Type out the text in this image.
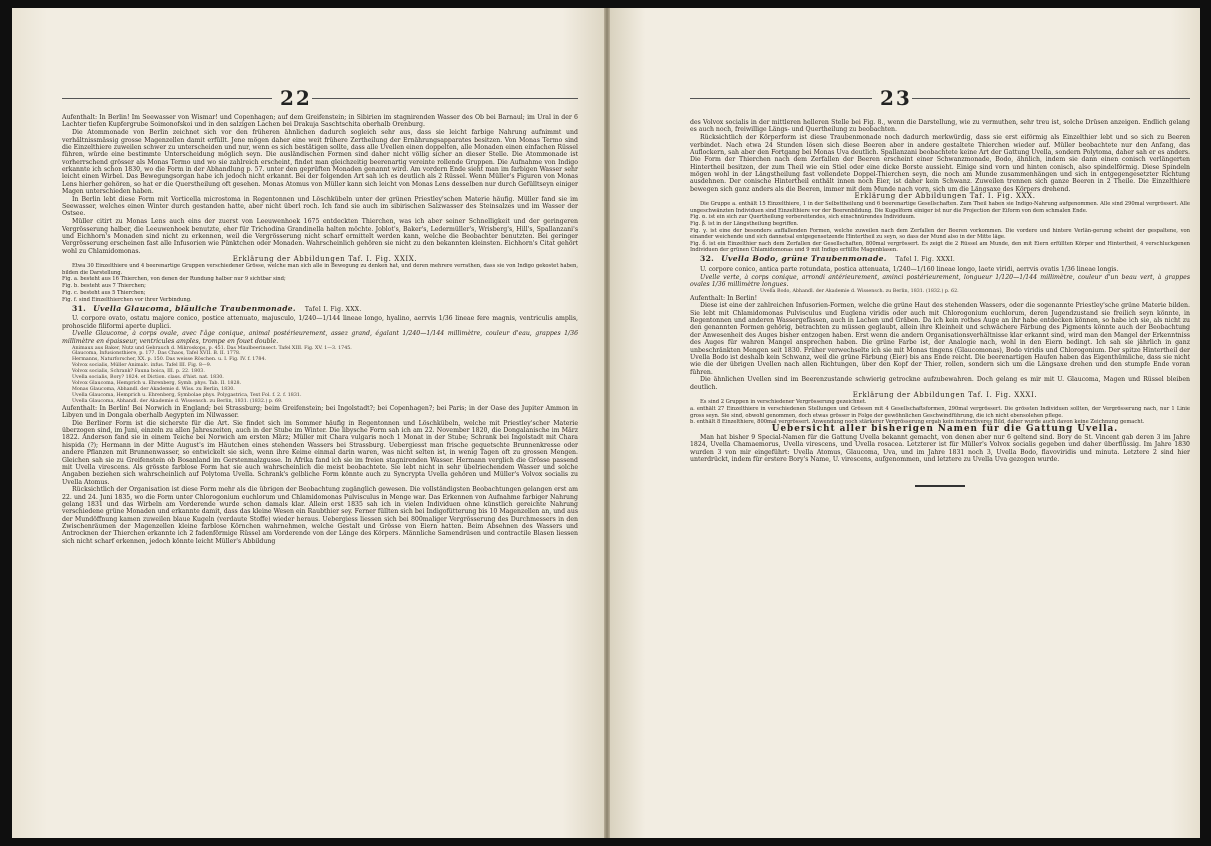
22

Aufenthalt: In Berlin! Im Seewasser von Wismar! und Copenhagen; auf dem Greifenstein; in Sibirien im stagnirenden Wasser des Ob bei Barnaul; im Ural in der 6 Lachter tiefen Kupfergrube Soimonofskoi und in den salzigen Lachen bei Drakuja Saschtschita oberhalb Orenburg.

Die Atommonade von Berlin zeichnet sich vor den früheren ähnlichen dadurch sogleich sehr aus, dass sie leicht farbige Nahrung aufnimmt und verhältnissmässig grosse Magenzellen damit erfüllt. Jene mögen daher eine weit frühere Zertheilung der Ernährungsapparates besitzen. Von Monas Termo sind die Einzelthiere zuweilen schwer zu unterscheiden und nur, wenn es sich bestätigen sollte, dass alle Uvellen einen doppelten, alle Monaden einen einfachen Rüssel führen, würde eine bestimmte Unterscheidung möglich seyn. Die ausländischen Formen sind daher nicht völlig sicher an dieser Stelle. Die Atommonade ist vorherrschend grösser als Monas Termo und wo sie zahlreich erscheint, findet man gleichzeitig beerenartig vereinte rollende Gruppen. Die Aufnahme von Indigo erkannte ich schon 1830, wo die Form in der Abhandlung p. 57. unter den geprüften Monaden genannt wird. Am vordern Ende sieht man im farbigen Wasser sehr leicht einen Wirbel. Das Bewegungsorgan habe ich jedoch nicht erkannt. Bei der folgenden Art sah ich es deutlich als 2 Rüssel. Wenn Müller's Figuren von Monas Lens hierher gehören, so hat er die Querstheilung oft gesehen. Monas Atomus von Müller kann sich leicht von Monas Lens desselben nur durch Gefülltseyn einiger Magen unterschieden haben.

In Berlin lebt diese Form mit Vorticella microstoma in Regentonnen und Löschkübeln unter der grünen Priestley'schen Materie häufig. Müller fand sie im Seewasser, welches einen Winter durch gestanden hatte, aber nicht überl roch. Ich fand sie auch im sibirischen Salzwasser des Steinsalzes und im Wasser der Ostsee.

Müller citirt zu Monas Lens auch eins der zuerst von Leeuwenhoek 1675 entdeckten Thierchen, was ich aber seiner Schnelligkeit und der geringeren Vergrösserung halber, die Leeuwenhoek benutzte, eher für Trichodina Grandinella halten möchte. Joblot's, Baker's, Ledermüller's, Wrisberg's, Hill's, Spallanzani's und Eichhorn's Monaden sind nicht zu erkennen, weil die Vergrösserung nicht scharf ermittelt werden kann, welche die Beobachter benutzten. Bei geringer Vergrösserung erscheinen fast alle Infusorien wie Pünktchen oder Monaden. Wahrscheinlich gehören sie nicht zu den bekannten kleinsten. Eichhorn's Citat gehört wohl zu Chlamidomonas.

Erklärung der Abbildungen Taf. I. Fig. XXIX.

Etwa 30 Einzelthiere und 4 beerenartige Gruppen verschiedener Grösse, welche man sich alle in Bewegung zu denken hat, und deren mehrere verrathen, dass sie von Indigo gekostet haben, bilden die Darstellung.

Fig. a. besteht aus 16 Thierchen, von denen der Rundung halber nur 9 sichtbar sind;

Fig. b. besteht aus 7 Thierchen;

Fig. c. besteht aus 5 Thierchen;

Fig. f. sind Einzelthierchen vor ihrer Verbindung.

31. Uvella Glaucoma, bläuliche Traubenmonade. Tafel I. Fig. XXX.

U. corpore ovato, ostatu majore conico, postice attenuato, majusculo, 1/240—1/144 lineae longo, hyalino, aerrvis 1/36 lineae fere magnis, ventriculis amplis, prohoscide filiformi aperte duplici.

Uvelle Glaucome, à corps ovale, avec l'âge conique, animal postérieurement, assez grand, égalant 1/240—1/144 millimètre, couleur d'eau, grappes 1/36 millimètre en épaisseur, ventricules amples, trompe en fouet double.

Animaux aus Baker, Nutz und Gebrauch d. Mikroskops, p. 451. Das Maulbeerinsect. Tafel XIII. Fig. XV. 1—3. 1745.

Glaucoma, Infusionsthiere, p. 177. Das Chaos, Tafel XVII. B. II. 1778.

Hermanns, Naturforscher, XX. p. 150. Das weisse Röschen. u. I. Fig. IV. f. 1784.

Volvox socialis, Müller Animalc. infus. Tafel III. Fig. 8—9.

Volvox socialis, Schrank? Fauna boica, III. p. 22. 1803.

Uvella socialis, Bory? 1824. et Diction. class. d'hist. nat. 1830.

Volvox Glaucoma, Hemprich u. Ehrenberg, Symb. phys. Tab. II. 1828.

Monas Glaucoma, Abhandl. der Akademie d. Wiss. zu Berlin, 1830.

Uvella Glaucoma, Hemprich u. Ehrenberg, Symbolae phys. Polygastrica, Text Fol. f. 2. f. 1831.

Uvella Glaucoma, Abhandl. der Akademie d. Wissensch. zu Berlin, 1831. (1832.) p. 69.

Aufenthalt: In Berlin! Bei Norwich in England; bei Strassburg; beim Greifenstein; bei Ingolstadt?; bei Copenhagen?; bei Paris; in der Oase des Jupiter Ammon in Libyen und in Dongala oberhalb Aegypten im Nilwasser.

Die Berliner Form ist die sicherste für die Art. Sie findet sich im Sommer häufig in Regentonnen und Löschkübeln, welche mit Priestley'scher Materie überzogen sind, im Juni, einzeln zu allen Jahreszeiten, auch in der Stube im Winter. Die libysche Form sah ich am 22. November 1820, die Dongalanische im März 1822. Anderson fand sie in einem Teiche bei Norwich am ersten März; Müller mit Chara vulgaris noch 1 Monat in der Stube; Schrank bei Ingolstadt mit Chara hispida (?); Hermann in der Mitte August's im Häutchen eines stehenden Wassers bei Strassburg. Uebergiesst man frische gequetschte Brunnenkresse oder andere Pflanzen mit Brunnenwasser, so entwickelt sie sich, wenn ihre Keime einmal darin waren, was nicht selten ist, in wenig Tagen oft zu grossen Mengen. Gleichen sah sie zu Greifenstein ob Bosanland im Gerstenmalzgusse. In Afrika fand ich sie im freien stagnirenden Wasser. Hermann verglich die Grösse passend mit Uvella virescens. Als grösste farblose Form hat sie auch wahrscheinlich die meist beobachtete. Sie lebt nicht in sehr übelriechendem Wasser und solche Angaben beziehen sich wahrscheinlich auf Polytoma Uvella. Schrank's gelbliche Form könnte auch zu Syncrypta Uvella gehören und Müller's Volvox socialis zu Uvella Atomus.

Rücksichtlich der Organisation ist diese Form mehr als die übrigen der Beobachtung zugänglich gewesen. Die vollständigsten Beobachtungen gelangen erst am 22. und 24. Juni 1835, wo die Form unter Chlorogonium euchlorum und Chlamidomonas Pulvisculus in Menge war. Das Erkennen von Aufnahme farbiger Nahrung gelang 1831 und das Wirbeln am Vorderende wurde schon damals klar. Allein erst 1835 sah ich in vielen Individuen ohne künstlich gereichte Nahrung verschiedene grüne Monaden und erkannte damit, dass das kleine Wesen ein Raubthier sey. Ferner füllten sich bei Indigofütterung bis 10 Magenzellen an, und aus der Mundöffnung kamen zuweilen blaue Kugeln (verdaute Stoffe) wieder heraus. Uebergiess liessen sich bei 800maliger Vergrösserung des Durchmessers in den Zwischenräumen der Magenzellen kleine farblose Körnchen wahrnehmen, welche Gestalt und Grösse von Eiern hatten. Beim Absehnen des Wassers und Antrocknen der Thierchen erkannte ich 2 fadenförmige Rüssel am Vorderende von der Länge des Körpers. Männliche Samendrüsen und contractile Blasen liessen sich nicht scharf erkennen, jedoch könnte leicht Müller's Abbildung

23

des Volvox socialis in der mittleren helleren Stelle bei Fig. 8., wenn die Darstellung, wie zu vermuthen, sehr treu ist, solche Drüsen anzeigen. Endlich gelang es auch noch, freiwillige Längs- und Quertheilung zu beobachten.

Rücksichtlich der Körperform ist diese Traubenmonade noch dadurch merkwürdig, dass sie erst eiförmig als Einzelthier lebt und so sich zu Beeren verbindet. Nach etwa 24 Stunden lösen sich diese Beeren aber in andere gestaltete Thierchen wieder auf. Müller beobachtete nur den Anfang, das Auflockern, sah aber den Fortgang bei Monas Uva deutlich. Spallanzani beobachtete keine Art der Gattung Uvella, sondern Polytoma, daher sah er es anders. Die Form der Thierchen nach dem Zerfallen der Beeren erscheint einer Schwanzmonade, Bodo, ähnlich, indem sie dann einen conisch verlängerten Hintertheil besitzen, der zum Theil wie ein Stiel oder eine dicke Borste aussieht. Einige sind vorn und hinten conisch, also spindelförmig. Diese Spindeln mögen wohl in der Längstheilung fast vollendete Doppel-Thierchen seyn, die noch am Munde zusammenhängen und sich in entgegengesetzter Richtung ausdehnen. Der conische Hintertheil enthält innen noch Eier, ist daher kein Schwanz. Zuweilen trennen sich ganze Beeren in 2 Theile. Die Einzelthiere bewegen sich ganz anders als die Beeren, immer mit dem Munde nach vorn, sich um die Längsaxe des Körpers drehend.

Erklärung der Abbildungen Taf. I. Fig. XXX.

Die Gruppe a. enthält 15 Einzelthiere, 1 in der Selbsttheilung und 6 beerenartige Gesellschaften. Zum Theil haben sie Indigo-Nahrung aufgenommen. Alle sind 290mal vergrössert. Alle ungeschwänzten Individuen sind Einzelthiere vor der Beerenbildung. Die Kugelform einiger ist nur die Projection der Eiform von dem schmalen Ende.

Fig. α. ist ein sich zur Quertheilung vorbereitendes, sich einschnürendes Individuum.

Fig. β. ist in der Längstheilung begriffen.

Fig. γ. ist eine der besonders auffallenden Formen, welche zuweilen nach dem Zerfallen der Beeren vorkommen. Die vordere und hintere Verlän-gerung scheint der gespaltene, von einander weichende und sich dannetsal entgegensetzende Hintertheil zu seyn, so dass der Mund also in der Mitte läge.

Fig. δ. ist ein Einzelthier nach dem Zerfallen der Gesellschaften, 800mal vergrössert. Es zeigt die 2 Rüssel am Munde, den mit Eiern erfüllten Körper und Hintertheil, 4 verschluckgenen Individuen der grünen Chlamidomonas und 9 mit Indigo erfüllte Magenblasen.

32. Uvella Bodo, grüne Traubenmonade. Tafel I. Fig. XXXI.

U. corpore conico, antica parte rotundata, postica attenuata, 1/240—1/160 lineae longo, laete viridi, aerrvis ovatis 1/36 lineae longis.

Uvelle verte, à corps conique, arrondi antérieurement, aminci postérieurement, longueur 1/120—1/144 millimètre, couleur d'un beau vert, à grappes ovales 1/36 millimètre longues.

Uvella Bodo, Abhandl. der Akademie d. Wissensch. zu Berlin, 1831. (1832.) p. 62.

Aufenthalt: In Berlin!

Diese ist eine der zahlreichen Infusorien-Formen, welche die grüne Haut des stehenden Wassers, oder die sogenannte Priestley'sche grüne Materie bilden. Sie lebt mit Chlamidomonas Pulvisculus und Euglena viridis oder auch mit Chlorogonium euchlorum, deren Jugendzustand sie freilich seyn könnte, in Regentonnen und anderen Wassergefässen, auch in Lachen und Gräben. Da ich kein rothes Auge an ihr habe entdecken können, so habe ich sie, als nicht zu den genannten Formen gehörig, betrachten zu müssen geglaubt, allein ihre Kleinheit und schwächere Färbung des Pigments könnte auch der Beobachtung der Anwesenheit des Auges bisher entzogen haben. Erst wenn die andern Organisationsverhältnisse klar erkannt sind, wird man den Mangel der Erkenntniss des Auges für wahren Mangel ansprechen haben. Die grüne Farbe ist, der Analogie nach, wohl in den Eiern bedingt. Ich sah sie jährlich in ganz unbeschränkten Mengen seit 1830. Früher verwechselte ich sie mit Monas tingens (Glaucomonas), Bodo viridis und Chlorogonium. Der spitze Hintertheil der Uvella Bodo ist deshalb kein Schwanz, weil die grüne Färbung (Eier) bis ans Ende reicht. Die beerenartigen Haufen haben das Eigenthümliche, dass sie nicht wie die der übrigen Uvellen nach allen Richtungen, über den Kopf der Thier, rollen, sondern sich um die Längsaxe drehen und den stumpfe Ende voran führen.

Die ähnlichen Uvellen sind im Beerenzustande schwierig getrockne aufzubewahren. Doch gelang es mir mit U. Glaucoma, Magen und Rüssel bleiben deutlich.

Erklärung der Abbildungen Taf. I. Fig. XXXI.

Es sind 2 Gruppen in verschiedener Vergrösserung gezeichnet.

a. enthält 27 Einzelthiere in verschiedenen Stellungen und Grössen mit 4 Gesellschaftsformen, 290mal vergrössert. Die grössten Individuen sollten, der Vergrösserung nach, nur 1 Linie gross seyn. Sie sind, obwohl genommen, doch etwas grösser in Folge der gewöhnlichen Geschwindführung, die ich nicht ebensolehen pflege.

b. enthält 8 Einzelthiere, 800mal vergrössert. Anwendung noch stärkerer Vergrösserung ergab kein instructiveres Bild, daher wurde auch davon keine Zeichnung gemacht.

Uebersicht aller bisherigen Namen für die Gattung Uvella.

Man hat bisher 9 Special-Namen für die Gattung Uvella bekannt gemacht, von denen aber nur 6 geltend sind. Bory de St. Vincent gab deren 3 im Jahre 1824, Uvella Chamaemorus, Uvella virescens, und Uvella rosacea. Letzterer ist für Müller's Volvox socialis gegeben und daher überflüssig. Im Jahre 1830 wurden 3 von mir eingeführt: Uvella Atomus, Glaucoma, Uva, und im Jahre 1831 noch 3, Uvella Bodo, flavoviridis und minuta. Letztere 2 sind hier unterdrückt, indem für erstere Bory's Name, U. virescens, aufgenommen, und letztere zu Uvella Uva gezogen wurde.
